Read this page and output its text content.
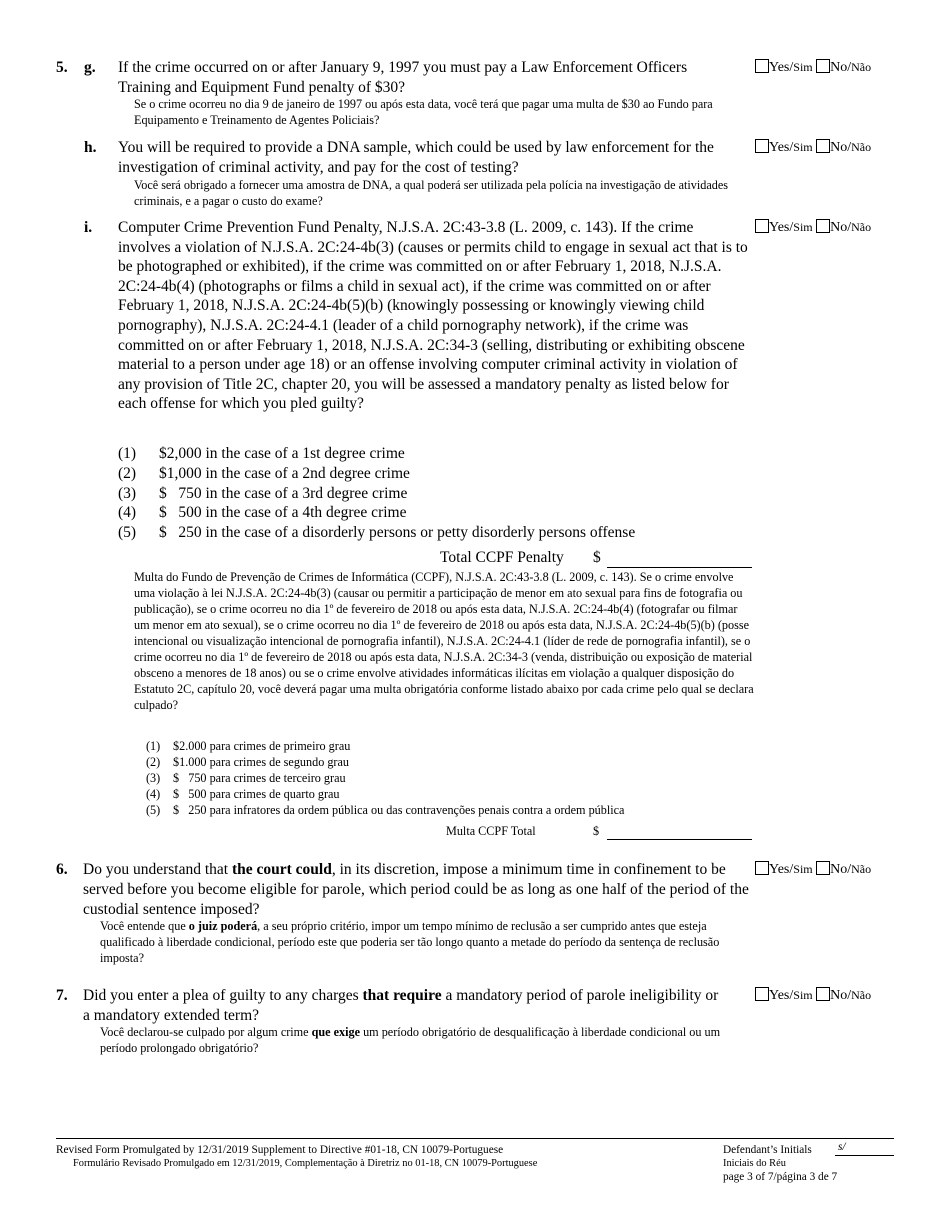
5. g. If the crime occurred on or after January 9, 1997 you must pay a Law Enforcement Officers Training and Equipment Fund penalty of $30?
Se o crime ocorreu no dia 9 de janeiro de 1997 ou após esta data, você terá que pagar uma multa de $30 ao Fundo para Equipamento e Treinamento de Agentes Policiais?
Yes/Sim No/Não
h. You will be required to provide a DNA sample, which could be used by law enforcement for the investigation of criminal activity, and pay for the cost of testing?
Você será obrigado a fornecer uma amostra de DNA, a qual poderá ser utilizada pela polícia na investigação de atividades criminais, e a pagar o custo do exame?
Yes/Sim No/Não
i. Computer Crime Prevention Fund Penalty, N.J.S.A. 2C:43-3.8 (L. 2009, c. 143). If the crime involves a violation of N.J.S.A. 2C:24-4b(3) (causes or permits child to engage in sexual act that is to be photographed or exhibited), if the crime was committed on or after February 1, 2018, N.J.S.A. 2C:24-4b(4) (photographs or films a child in sexual act), if the crime was committed on or after February 1, 2018, N.J.S.A. 2C:24-4b(5)(b) (knowingly possessing or knowingly viewing child pornography), N.J.S.A. 2C:24-4.1 (leader of a child pornography network), if the crime was committed on or after February 1, 2018, N.J.S.A. 2C:34-3 (selling, distributing or exhibiting obscene material to a person under age 18) or an offense involving computer criminal activity in violation of any provision of Title 2C, chapter 20, you will be assessed a mandatory penalty as listed below for each offense for which you pled guilty?
Yes/Sim No/Não
(1) $2,000 in the case of a 1st degree crime
(2) $1,000 in the case of a 2nd degree crime
(3) $   750 in the case of a 3rd degree crime
(4) $   500 in the case of a 4th degree crime
(5) $   250 in the case of a disorderly persons or petty disorderly persons offense
Total CCPF Penalty $
Multa do Fundo de Prevenção de Crimes de Informática (CCPF), N.J.S.A. 2C:43-3.8 (L. 2009, c. 143). Se o crime envolve uma violação à lei N.J.S.A. 2C:24-4b(3) (causar ou permitir a participação de menor em ato sexual para fins de fotografia ou publicação), se o crime ocorreu no dia 1º de fevereiro de 2018 ou após esta data, N.J.S.A. 2C:24-4b(4) (fotografar ou filmar um menor em ato sexual), se o crime ocorreu no dia 1º de fevereiro de 2018 ou após esta data, N.J.S.A. 2C:24-4b(5)(b) (posse intencional ou visualização intencional de pornografia infantil), N.J.S.A. 2C:24-4.1 (líder de rede de pornografia infantil), se o crime ocorreu no dia 1º de fevereiro de 2018 ou após esta data, N.J.S.A. 2C:34-3 (venda, distribuição ou exposição de material obsceno a menores de 18 anos) ou se o crime envolve atividades informáticas ilícitas em violação a qualquer disposição do Estatuto 2C, capítulo 20, você deverá pagar uma multa obrigatória conforme listado abaixo por cada crime pelo qual se declara culpado?
(1) $2.000 para crimes de primeiro grau
(2) $1.000 para crimes de segundo grau
(3) $   750 para crimes de terceiro grau
(4) $   500 para crimes de quarto grau
(5) $   250 para infratores da ordem pública ou das contravenções penais contra a ordem pública
Multa CCPF Total	$
6. Do you understand that the court could, in its discretion, impose a minimum time in confinement to be served before you become eligible for parole, which period could be as long as one half of the period of the custodial sentence imposed?
Você entende que o juiz poderá, a seu próprio critério, impor um tempo mínimo de reclusão a ser cumprido antes que esteja qualificado à liberdade condicional, período este que poderia ser tão longo quanto a metade do período da sentença de reclusão imposta?
Yes/Sim No/Não
7. Did you enter a plea of guilty to any charges that require a mandatory period of parole ineligibility or a mandatory extended term?
Você declarou-se culpado por algum crime que exige um período obrigatório de desqualificação à liberdade condicional ou um período prolongado obrigatório?
Yes/Sim No/Não
Revised Form Promulgated by 12/31/2019 Supplement to Directive #01-18, CN 10079-Portuguese
Formulário Revisado Promulgado em 12/31/2019, Complementação à Diretriz no 01-18, CN 10079-Portuguese
Defendant’s Initials s/
Iniciais do Réu
page 3 of 7/página 3 de 7
